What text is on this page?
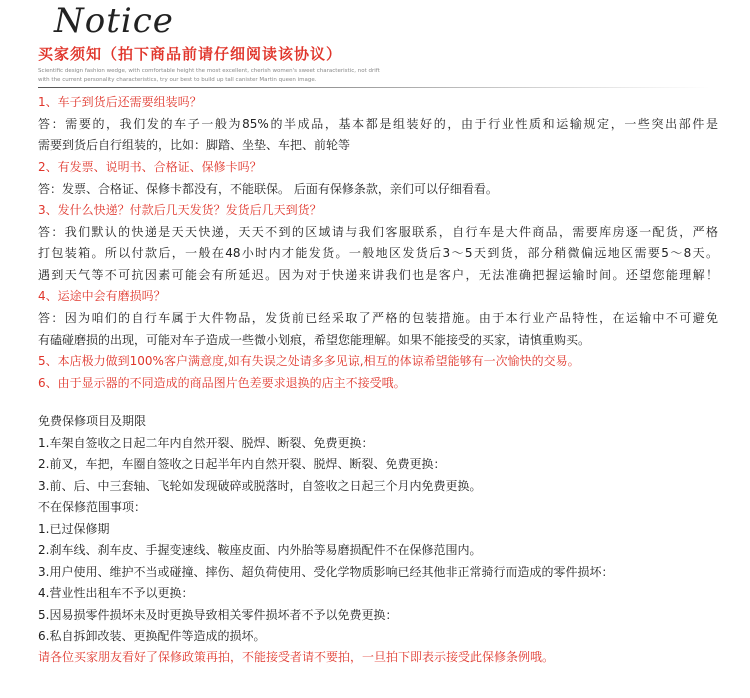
Notice
买家须知（拍下商品前请仔细阅读该协议）
Scientific design fashion wedge, with comfortable height the most excellent, cherish women's sweet characteristic, not drift
with the current personality characteristics, try our best to build up tall canister Martin queen image.
1、车子到货后还需要组装吗？
答：需要的，我们发的车子一般为85%的半成品，基本都是组装好的，由于行业性质和运输规定，一些突出部件是
需要到货后自行组装的，比如：脚踏、坐垫、车把、前轮等
2、有发票、说明书、合格证、保修卡吗？
答：发票、合格证、保修卡都没有，不能联保。 后面有保修条款，亲们可以仔细看看。
3、发什么快递？付款后几天发货？发货后几天到货？
答：我们默认的快递是天天快递，天天不到的区域请与我们客服联系，自行车是大件商品，需要库房逐一配货，严格
打包装箱。所以付款后，一般在48小时内才能发货。一般地区发货后3～5天到货，部分稍微偏远地区需要5～8天。
遇到天气等不可抗因素可能会有所延迟。因为对于快递来讲我们也是客户，无法准确把握运输时间。还望您能理解！
4、运途中会有磨损吗？
答：因为咱们的自行车属于大件物品，发货前已经采取了严格的包装措施。由于本行业产品特性，在运输中不可避免
有磕碰磨损的出现，可能对车子造成一些微小划痕，希望您能理解。如果不能接受的买家，请慎重购买。
5、本店极力做到100%客户满意度,如有失误之处请多多见谅,相互的体谅希望能够有一次愉快的交易。
6、由于显示器的不同造成的商品图片色差要求退换的店主不接受哦。
免费保修项目及期限
1.车架自签收之日起二年内自然开裂、脱焊、断裂、免费更换：
2.前叉，车把，车圈自签收之日起半年内自然开裂、脱焊、断裂、免费更换：
3.前、后、中三套轴、飞轮如发现破碎或脱落时，自签收之日起三个月内免费更换。
不在保修范围事项：
1.已过保修期
2.刹车线、刹车皮、手握变速线、鞍座皮面、内外胎等易磨损配件不在保修范围内。
3.用户使用、维护不当或碰撞、摔伤、超负荷使用、受化学物质影响已经其他非正常骑行而造成的零件损坏：
4.营业性出租车不予以更换：
5.因易损零件损坏未及时更换导致相关零件损坏者不予以免费更换：
6.私自拆卸改装、更换配件等造成的损坏。
请各位买家朋友看好了保修政策再拍，不能接受者请不要拍，一旦拍下即表示接受此保修条例哦。
